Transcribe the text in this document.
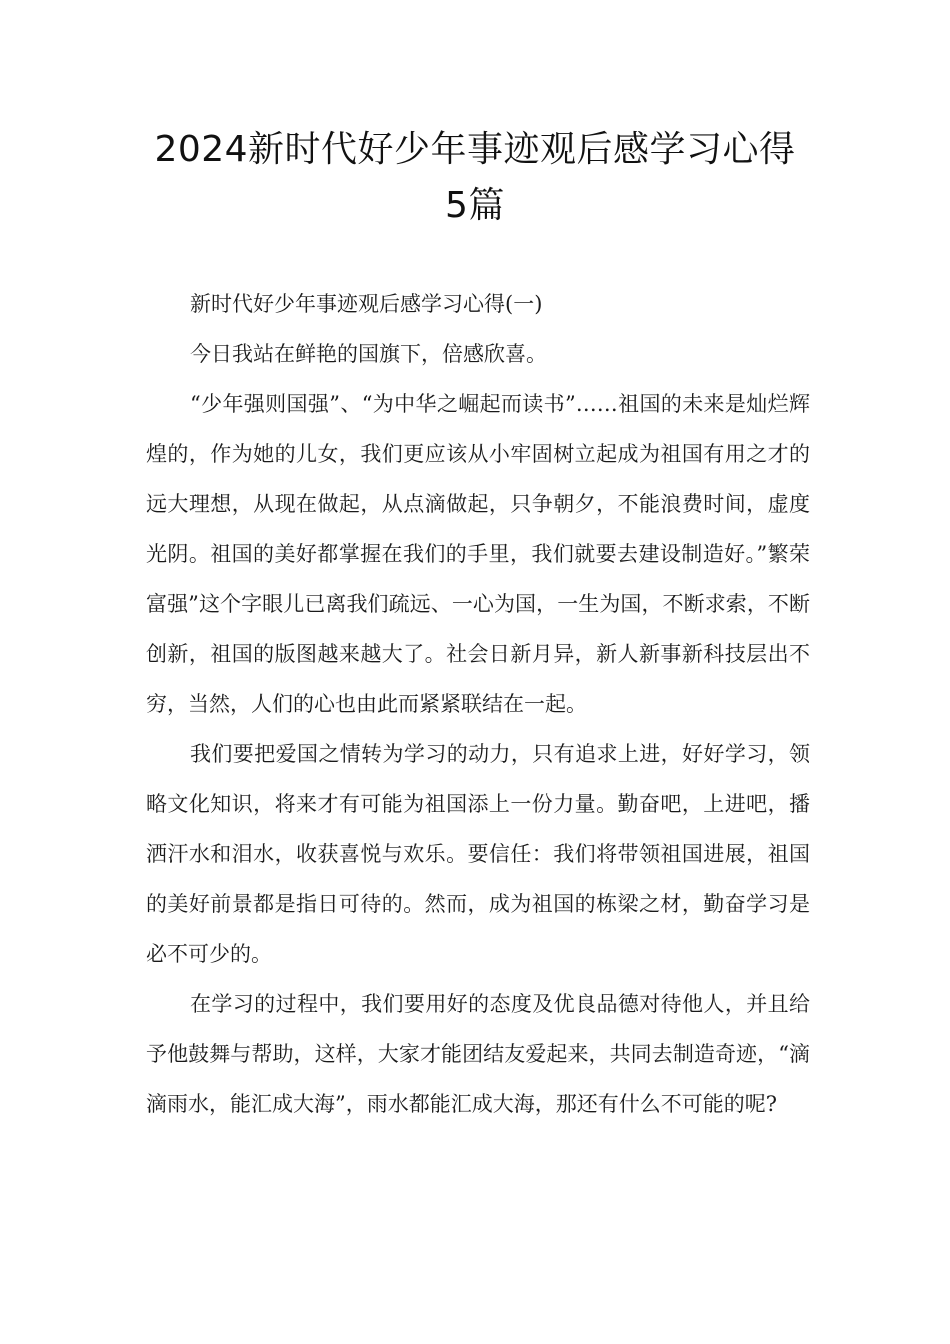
2024新时代好少年事迹观后感学习心得
5篇

新时代好少年事迹观后感学习心得(一)

今日我站在鲜艳的国旗下，倍感欣喜。

“少年强则国强”、“为中华之崛起而读书”……祖国的未来是灿烂辉煌的，作为她的儿女，我们更应该从小牢固树立起成为祖国有用之才的远大理想，从现在做起，从点滴做起，只争朝夕，不能浪费时间，虚度光阴。祖国的美好都掌握在我们的手里，我们就要去建设制造好。”繁荣富强”这个字眼儿已离我们疏远、一心为国，一生为国，不断求索，不断创新，祖国的版图越来越大了。社会日新月异，新人新事新科技层出不穷，当然，人们的心也由此而紧紧联结在一起。

我们要把爱国之情转为学习的动力，只有追求上进，好好学习，领略文化知识，将来才有可能为祖国添上一份力量。勤奋吧，上进吧，播洒汗水和泪水，收获喜悦与欢乐。要信任：我们将带领祖国进展，祖国的美好前景都是指日可待的。然而，成为祖国的栋梁之材，勤奋学习是必不可少的。

在学习的过程中，我们要用好的态度及优良品德对待他人，并且给予他鼓舞与帮助，这样，大家才能团结友爱起来，共同去制造奇迹，“滴滴雨水，能汇成大海”，雨水都能汇成大海，那还有什么不可能的呢?
